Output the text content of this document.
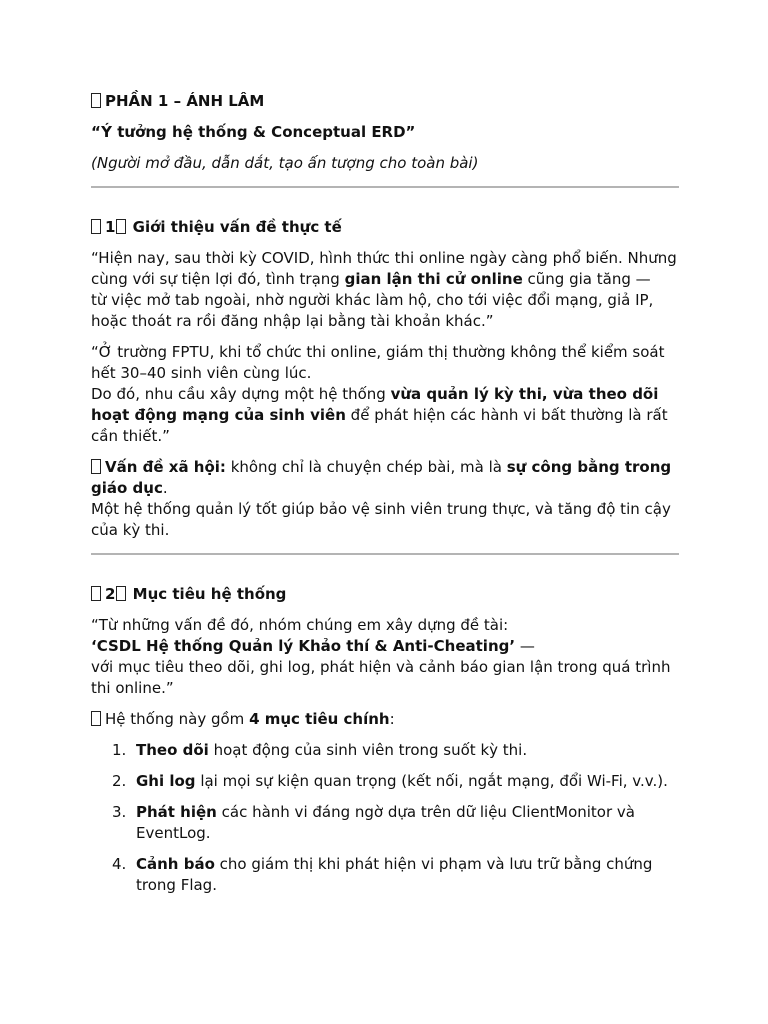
PHẦN 1 – ÁNH LÂM

“Ý tưởng hệ thống & Conceptual ERD”

(Người mở đầu, dẫn dắt, tạo ấn tượng cho toàn bài)

1 Giới thiệu vấn đề thực tế

“Hiện nay, sau thời kỳ COVID, hình thức thi online ngày càng phổ biến. Nhưng cùng với sự tiện lợi đó, tình trạng gian lận thi cử online cũng gia tăng —
từ việc mở tab ngoài, nhờ người khác làm hộ, cho tới việc đổi mạng, giả IP,
hoặc thoát ra rồi đăng nhập lại bằng tài khoản khác.”

“Ở trường FPTU, khi tổ chức thi online, giám thị thường không thể kiểm soát hết 30–40 sinh viên cùng lúc.
Do đó, nhu cầu xây dựng một hệ thống vừa quản lý kỳ thi, vừa theo dõi hoạt động mạng của sinh viên để phát hiện các hành vi bất thường là rất cần thiết.”

Vấn đề xã hội: không chỉ là chuyện chép bài, mà là sự công bằng trong giáo dục.
Một hệ thống quản lý tốt giúp bảo vệ sinh viên trung thực, và tăng độ tin cậy của kỳ thi.

2 Mục tiêu hệ thống

“Từ những vấn đề đó, nhóm chúng em xây dựng đề tài:
‘CSDL Hệ thống Quản lý Khảo thí & Anti-Cheating’ —
với mục tiêu theo dõi, ghi log, phát hiện và cảnh báo gian lận trong quá trình thi online.”

Hệ thống này gồm 4 mục tiêu chính:

1. Theo dõi hoạt động của sinh viên trong suốt kỳ thi.
2. Ghi log lại mọi sự kiện quan trọng (kết nối, ngắt mạng, đổi Wi-Fi, v.v.).
3. Phát hiện các hành vi đáng ngờ dựa trên dữ liệu ClientMonitor và EventLog.
4. Cảnh báo cho giám thị khi phát hiện vi phạm và lưu trữ bằng chứng trong Flag.
